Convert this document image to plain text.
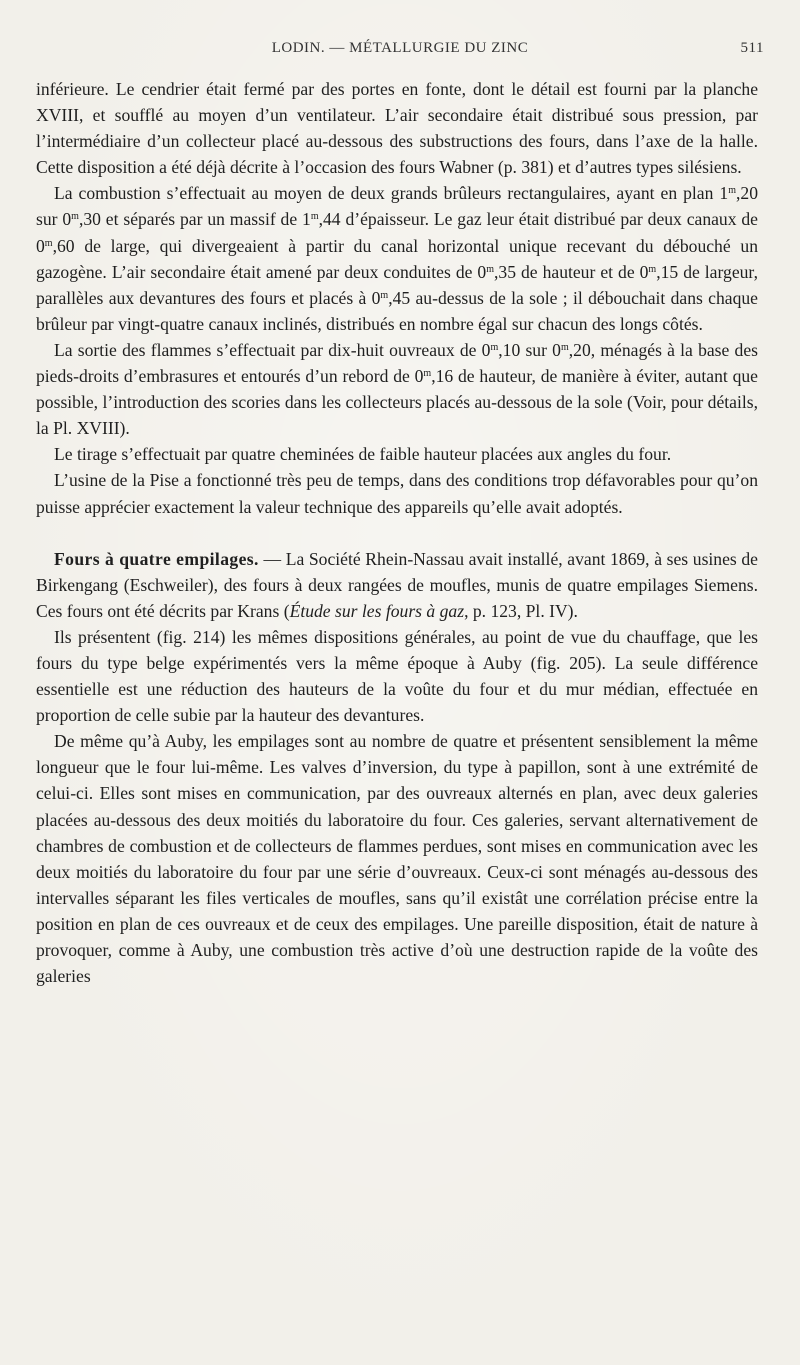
LODIN. — MÉTALLURGIE DU ZINC	511

inférieure. Le cendrier était fermé par des portes en fonte, dont le détail est fourni par la planche XVIII, et soufflé au moyen d’un ventilateur. L’air secondaire était distribué sous pression, par l’intermédiaire d’un collecteur placé au-dessous des substructions des fours, dans l’axe de la halle. Cette disposition a été déjà décrite à l’occasion des fours Wabner (p. 381) et d’autres types silésiens.

La combustion s’effectuait au moyen de deux grands brûleurs rectangulaires, ayant en plan 1$^m$,20 sur 0$^m$,30 et séparés par un massif de 1$^m$,44 d’épaisseur. Le gaz leur était distribué par deux canaux de 0$^m$,60 de large, qui divergeaient à partir du canal horizontal unique recevant du débouché un gazogène. L’air secondaire était amené par deux conduites de 0$^m$,35 de hauteur et de 0$^m$,15 de largeur, parallèles aux devantures des fours et placés à 0$^m$,45 au-dessus de la sole ; il débouchait dans chaque brûleur par vingt-quatre canaux inclinés, distribués en nombre égal sur chacun des longs côtés.

La sortie des flammes s’effectuait par dix-huit ouvreaux de 0$^m$,10 sur 0$^m$,20, ménagés à la base des pieds-droits d’embrasures et entourés d’un rebord de 0$^m$,16 de hauteur, de manière à éviter, autant que possible, l’introduction des scories dans les collecteurs placés au-dessous de la sole (Voir, pour détails, la Pl. XVIII).

Le tirage s’effectuait par quatre cheminées de faible hauteur placées aux angles du four.

L’usine de la Pise a fonctionné très peu de temps, dans des conditions trop défavorables pour qu’on puisse apprécier exactement la valeur technique des appareils qu’elle avait adoptés.

Fours à quatre empilages. — La Société Rhein-Nassau avait installé, avant 1869, à ses usines de Birkengang (Eschweiler), des fours à deux rangées de moufles, munis de quatre empilages Siemens. Ces fours ont été décrits par Krans (Étude sur les fours à gaz, p. 123, Pl. IV).

Ils présentent (fig. 214) les mêmes dispositions générales, au point de vue du chauffage, que les fours du type belge expérimentés vers la même époque à Auby (fig. 205). La seule différence essentielle est une réduction des hauteurs de la voûte du four et du mur médian, effectuée en proportion de celle subie par la hauteur des devantures.

De même qu’à Auby, les empilages sont au nombre de quatre et présentent sensiblement la même longueur que le four lui-même. Les valves d’inversion, du type à papillon, sont à une extrémité de celui-ci. Elles sont mises en communication, par des ouvreaux alternés en plan, avec deux galeries placées au-dessous des deux moitiés du laboratoire du four. Ces galeries, servant alternativement de chambres de combustion et de collecteurs de flammes perdues, sont mises en communication avec les deux moitiés du laboratoire du four par une série d’ouvreaux. Ceux-ci sont ménagés au-dessous des intervalles séparant les files verticales de moufles, sans qu’il existât une corrélation précise entre la position en plan de ces ouvreaux et de ceux des empilages. Une pareille disposition, était de nature à provoquer, comme à Auby, une combustion très active d’où une destruction rapide de la voûte des galeries
